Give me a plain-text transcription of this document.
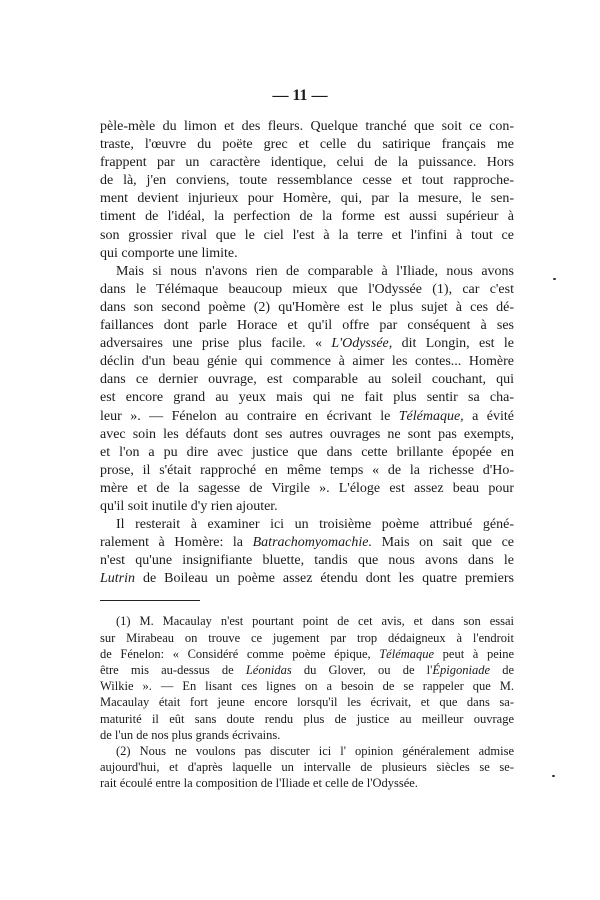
— 11 —
pèle-mèle du limon et des fleurs. Quelque tranché que soit ce con-
traste, l'œuvre du poëte grec et celle du satirique français me
frappent par un caractère identique, celui de la puissance. Hors
de là, j'en conviens, toute ressemblance cesse et tout rapproche-
ment devient injurieux pour Homère, qui, par la mesure, le sen-
timent de l'idéal, la perfection de la forme est aussi supérieur à
son grossier rival que le ciel l'est à la terre et l'infini à tout ce
qui comporte une limite.
Mais si nous n'avons rien de comparable à l'Iliade, nous avons
dans le Télémaque beaucoup mieux que l'Odyssée (1), car c'est
dans son second poème (2) qu'Homère est le plus sujet à ces dé-
faillances dont parle Horace et qu'il offre par conséquent à ses
adversaires une prise plus facile. « L'Odyssée, dit Longin, est le
déclin d'un beau génie qui commence à aimer les contes... Homère
dans ce dernier ouvrage, est comparable au soleil couchant, qui
est encore grand au yeux mais qui ne fait plus sentir sa cha-
leur ». — Fénelon au contraire en écrivant le Télémaque, a évité
avec soin les défauts dont ses autres ouvrages ne sont pas exempts,
et l'on a pu dire avec justice que dans cette brillante épopée en
prose, il s'était rapproché en même temps « de la richesse d'Ho-
mère et de la sagesse de Virgile ». L'éloge est assez beau pour
qu'il soit inutile d'y rien ajouter.
Il resterait à examiner ici un troisième poème attribué géné-
ralement à Homère: la Batrachomyomachie. Mais on sait que ce
n'est qu'une insignifiante bluette, tandis que nous avons dans le
Lutrin de Boileau un poème assez étendu dont les quatre premiers
(1) M. Macaulay n'est pourtant point de cet avis, et dans son essai
sur Mirabeau on trouve ce jugement par trop dédaigneux à l'endroit
de Fénelon: « Considéré comme poème épique, Télémaque peut à peine
être mis au-dessus de Léonidas du Glover, ou de l'Épigoniade de
Wilkie ». — En lisant ces lignes on a besoin de se rappeler que M.
Macaulay était fort jeune encore lorsqu'il les écrivait, et que dans sa-
maturité il eût sans doute rendu plus de justice au meilleur ouvrage
de l'un de nos plus grands écrivains.
(2) Nous ne voulons pas discuter ici l' opinion généralement admise
aujourd'hui, et d'après laquelle un intervalle de plusieurs siècles se se-
rait écoulé entre la composition de l'Iliade et celle de l'Odyssée.
